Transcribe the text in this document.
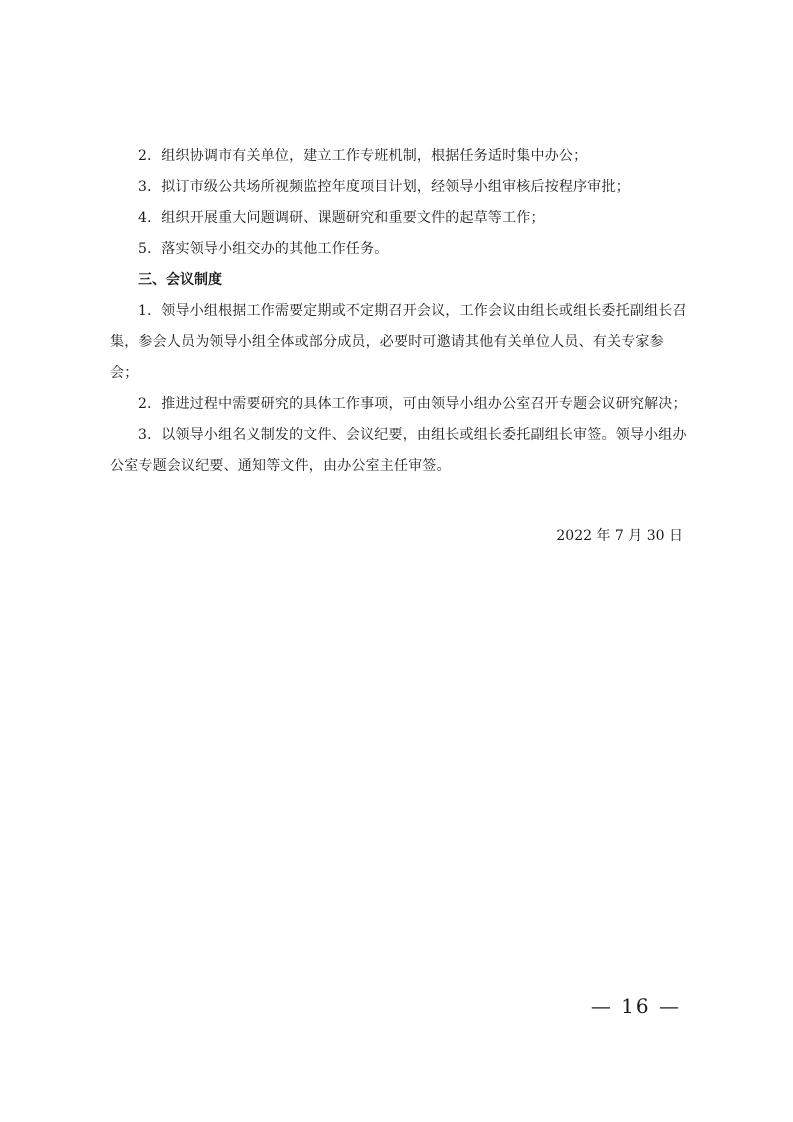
2．组织协调市有关单位，建立工作专班机制，根据任务适时集中办公；

3．拟订市级公共场所视频监控年度项目计划，经领导小组审核后按程序审批；

4．组织开展重大问题调研、课题研究和重要文件的起草等工作；

5．落实领导小组交办的其他工作任务。

三、会议制度

1．领导小组根据工作需要定期或不定期召开会议，工作会议由组长或组长委托副组长召集，参会人员为领导小组全体或部分成员，必要时可邀请其他有关单位人员、有关专家参会；

2．推进过程中需要研究的具体工作事项，可由领导小组办公室召开专题会议研究解决；

3．以领导小组名义制发的文件、会议纪要，由组长或组长委托副组长审签。领导小组办公室专题会议纪要、通知等文件，由办公室主任审签。

2022 年 7 月 30 日
— 16 —
